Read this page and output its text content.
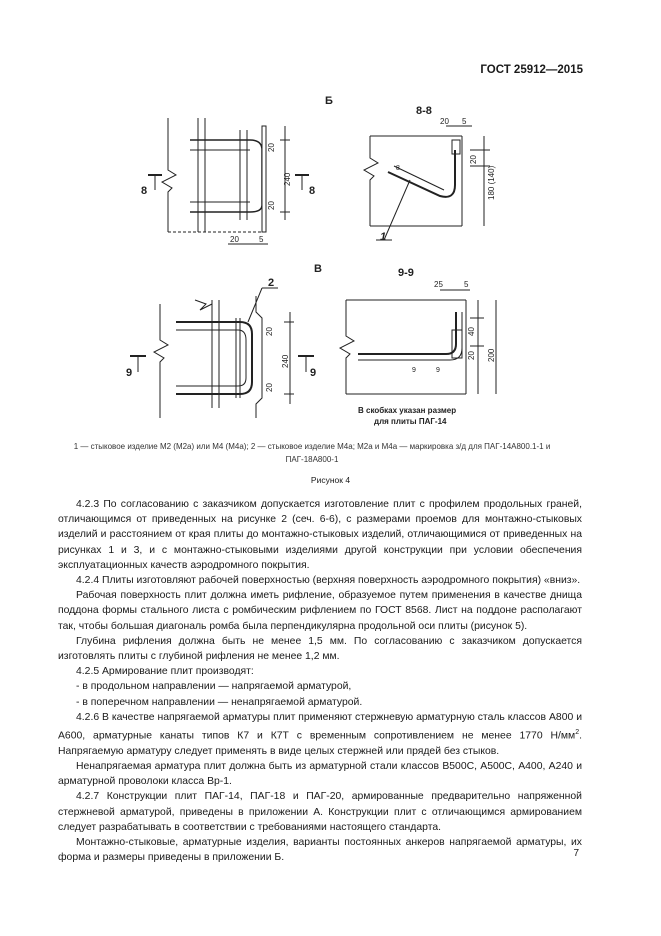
ГОСТ 25912—2015
Б
20
240
20
20	5
8	8
8-8
8
20
180 (140)
20 5
1
В
2
20
240
20
9	9
9-9
9	9
25	5
40
20 200
В скобках указан размер
для плиты ПАГ-14
1 — стыковое изделие М2 (М2а) или М4 (М4а); 2 — стыковое изделие М4а; М2а и М4а — маркировка з/д для ПАГ-14А800.1-1 и
ПАГ-18А800-1
Рисунок 4

4.2.3 По согласованию с заказчиком допускается изготовление плит с профилем продольных граней, отличающимся от приведенных на рисунке 2 (сеч. 6-6), с размерами проемов для монтажно-стыковых изделий и расстоянием от края плиты до монтажно-стыковых изделий, отличающимися от приведенных на рисунках 1 и 3, и с монтажно-стыковыми изделиями другой конструкции при условии обеспечения эксплуатационных качеств аэродромного покрытия.

4.2.4 Плиты изготовляют рабочей поверхностью (верхняя поверхность аэродромного покрытия) «вниз».

Рабочая поверхность плит должна иметь рифление, образуемое путем применения в качестве днища поддона формы стального листа с ромбическим рифлением по ГОСТ 8568. Лист на поддоне располагают так, чтобы большая диагональ ромба была перпендикулярна продольной оси плиты (рисунок 5).

Глубина рифления должна быть не менее 1,5 мм. По согласованию с заказчиком допускается изготовлять плиты с глубиной рифления не менее 1,2 мм.

4.2.5 Армирование плит производят:

- в продольном направлении — напрягаемой арматурой,

- в поперечном направлении — ненапрягаемой арматурой.

4.2.6 В качестве напрягаемой арматуры плит применяют стержневую арматурную сталь классов А800 и А600, арматурные канаты типов К7 и К7Т с временным сопротивлением не менее 1770 $Н/мм^2$. Напрягаемую арматуру следует применять в виде целых стержней или прядей без стыков.

Ненапрягаемая арматура плит должна быть из арматурной стали классов В500С, А500С, А400, А240 и арматурной проволоки класса Вр-1.

4.2.7 Конструкции плит ПАГ-14, ПАГ-18 и ПАГ-20, армированные предварительно напряженной стержневой арматурой, приведены в приложении А. Конструкции плит с отличающимся армированием следует разрабатывать в соответствии с требованиями настоящего стандарта.

Монтажно-стыковые, арматурные изделия, варианты постоянных анкеров напрягаемой арматуры, их форма и размеры приведены в приложении Б.	7
